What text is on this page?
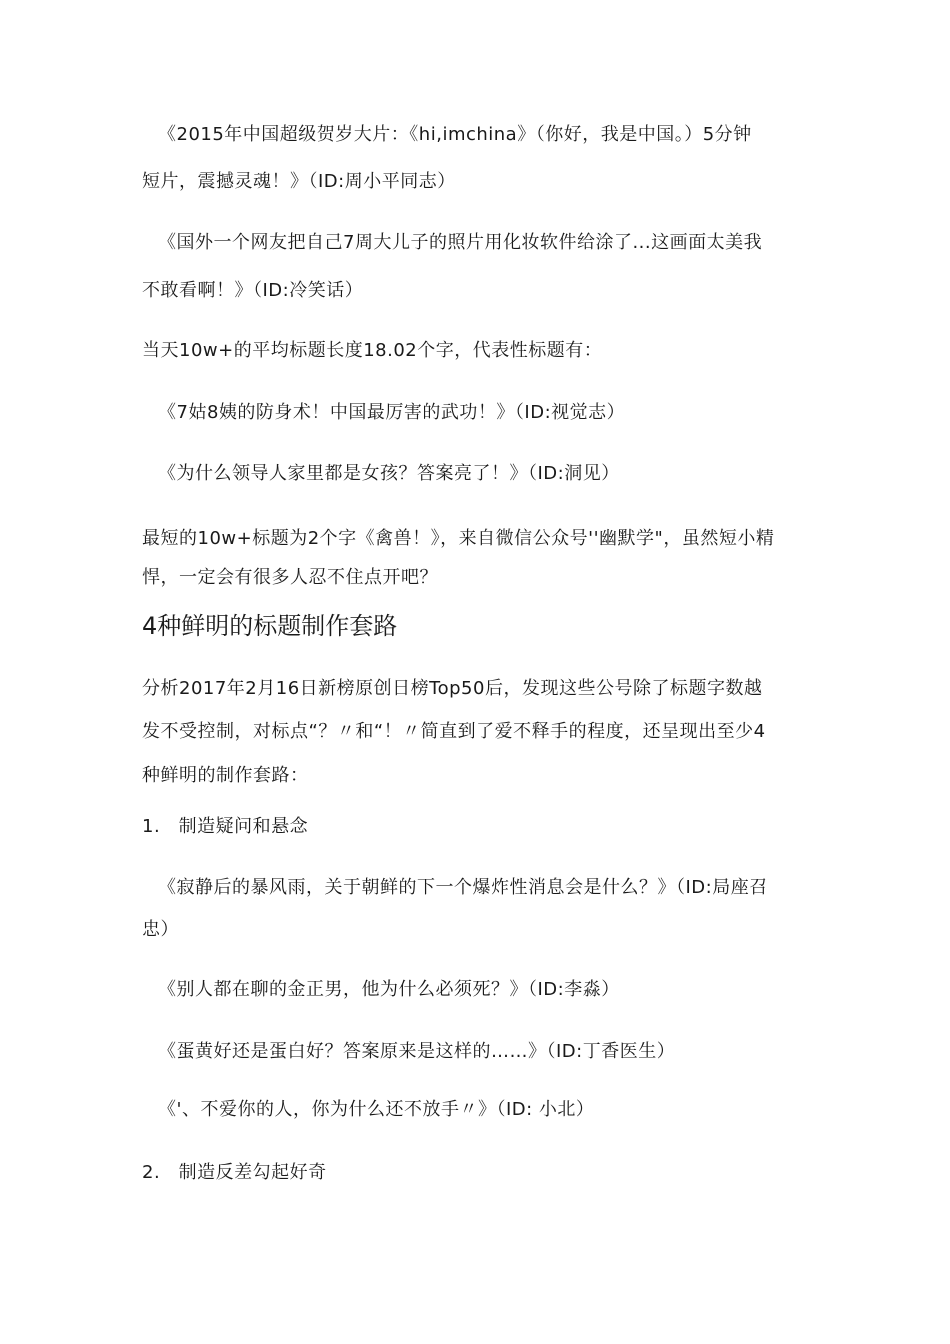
《2015年中国超级贺岁大片：《hi,imchina》（你好，我是中国。）5分钟
短片，震撼灵魂！》（ID:周小平同志）
《国外一个网友把自己7周大儿子的照片用化妆软件给涂了...这画面太美我
不敢看啊！》（ID:冷笑话）
当天10w+的平均标题长度18.02个字，代表性标题有：
《7姑8姨的防身术！中国最厉害的武功！》（ID:视觉志）
《为什么领导人家里都是女孩？答案亮了！》（ID:洞见）
最短的10w+标题为2个字《禽兽！》，来自微信公众号''幽默学"，虽然短小精
悍，一定会有很多人忍不住点开吧？
4种鲜明的标题制作套路
分析2017年2月16日新榜原创日榜Top50后，发现这些公号除了标题字数越
发不受控制，对标点“？〃和“！〃简直到了爱不释手的程度，还呈现出至少4
种鲜明的制作套路：
1.　制造疑问和悬念
《寂静后的暴风雨，关于朝鲜的下一个爆炸性消息会是什么？》（ID:局座召
忠）
《别人都在聊的金正男，他为什么必须死？》（ID:李淼）
《蛋黄好还是蛋白好？答案原来是这样的……》（ID:丁香医生）
《'、不爱你的人，你为什么还不放手〃》（ID: 小北）
2.　制造反差勾起好奇
